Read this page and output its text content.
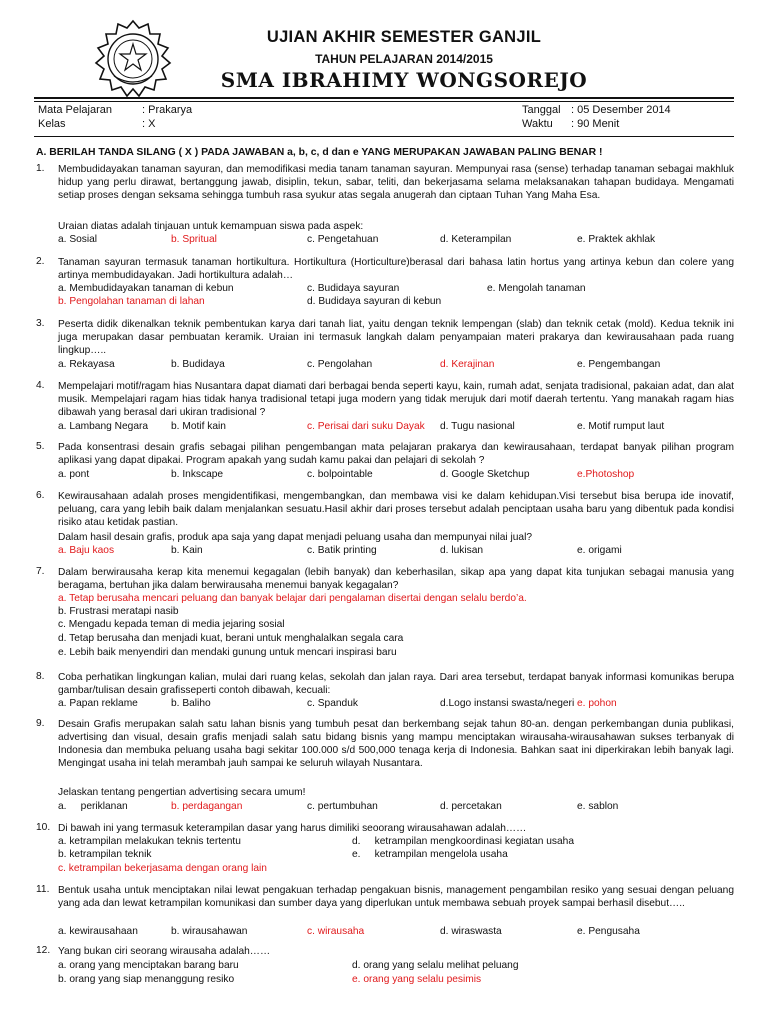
UJIAN AKHIR SEMESTER GANJIL
TAHUN PELAJARAN 2014/2015
SMA IBRAHIMY WONGSOREJO
Mata Pelajaran	: Prakarya
Kelas	: X
Tanggal : 05 Desember 2014
Waktu : 90 Menit
A. BERILAH TANDA SILANG ( X ) PADA JAWABAN a, b, c, d dan e YANG MERUPAKAN JAWABAN PALING BENAR !
1. Membudidayakan tanaman sayuran, dan memodifikasi media tanam tanaman sayuran. Mempunyai rasa (sense) terhadap tanaman sebagai makhluk hidup yang perlu dirawat, bertanggung jawab, disiplin, tekun, sabar, teliti, dan bekerjasama selama melaksanakan tahapan budidaya. Mengamati setiap proses dengan seksama sehingga tumbuh rasa syukur atas segala anugerah dan ciptaan Tuhan Yang Maha Esa.
Uraian diatas adalah tinjauan untuk kemampuan siswa pada aspek:
a. Sosial	b. Spritual	c. Pengetahuan	d. Keterampilan	e. Praktek akhlak
2. Tanaman sayuran termasuk tanaman hortikultura. Hortikultura (Horticulture)berasal dari bahasa latin hortus yang artinya kebun dan colere yang artinya membudidayakan. Jadi hortikultura adalah…
a. Membudidayakan tanaman di kebun	c. Budidaya sayuran	e. Mengolah tanaman
b. Pengolahan tanaman di lahan	d. Budidaya sayuran di kebun
3. Peserta didik dikenalkan teknik pembentukan karya dari tanah liat, yaitu dengan teknik lempengan (slab) dan teknik cetak (mold). Kedua teknik ini juga merupakan dasar pembuatan keramik. Uraian ini termasuk langkah dalam penyampaian materi prakarya dan kewirausahaan pada ruang lingkup…..
a. Rekayasa	b. Budidaya	c. Pengolahan	d. Kerajinan	e. Pengembangan
4. Mempelajari motif/ragam hias Nusantara dapat diamati dari berbagai benda seperti kayu, kain, rumah adat, senjata tradisional, pakaian adat, dan alat musik. Mempelajari ragam hias tidak hanya tradisional tetapi juga modern yang tidak merujuk dari motif daerah tertentu. Yang manakah ragam hias dibawah yang berasal dari ukiran tradisional ?
a. Lambang Negara b. Motif kain	c. Perisai dari suku Dayak d. Tugu nasional	e. Motif rumput laut
5. Pada konsentrasi desain grafis sebagai pilihan pengembangan mata pelajaran prakarya dan kewirausahaan, terdapat banyak pilihan program aplikasi yang dapat dipakai. Program apakah yang sudah kamu pakai dan pelajari di sekolah ?
a. pont	b. Inkscape	c. bolpointable	d. Google Sketchup	e.Photoshop
6. Kewirausahaan adalah proses mengidentifikasi, mengembangkan, dan membawa visi ke dalam kehidupan.Visi tersebut bisa berupa ide inovatif, peluang, cara yang lebih baik dalam menjalankan sesuatu.Hasil akhir dari proses tersebut adalah penciptaan usaha baru yang dibentuk pada kondisi risiko atau ketidak pastian.
Dalam hasil desain grafis, produk apa saja yang dapat menjadi peluang usaha dan mempunyai nilai jual?
a. Baju kaos	b. Kain	c. Batik printing	d. lukisan	e. origami
7. Dalam berwirausaha kerap kita menemui kegagalan (lebih banyak) dan keberhasilan, sikap apa yang dapat kita tunjukan sebagai manusia yang beragama, bertuhan jika dalam berwirausaha menemui banyak kegagalan?
a. Tetap berusaha mencari peluang dan banyak belajar dari pengalaman disertai dengan selalu berdo’a.
b. Frustrasi meratapi nasib
c. Mengadu kepada teman di media jejaring sosial
d. Tetap berusaha dan menjadi kuat, berani untuk menghalalkan segala cara
e. Lebih baik menyendiri dan mendaki gunung untuk mencari inspirasi baru
8. Coba perhatikan lingkungan kalian, mulai dari ruang kelas, sekolah dan jalan raya. Dari area tersebut, terdapat banyak informasi komunikas berupa gambar/tulisan desain grafisseperti contoh dibawah, kecuali:
a. Papan reklame	b. Baliho	c. Spanduk	d.Logo instansi swasta/negeri e. pohon
9. Desain Grafis merupakan salah satu lahan bisnis yang tumbuh pesat dan berkembang sejak tahun 80-an. dengan perkembangan dunia publikasi, advertising dan visual, desain grafis menjadi salah satu bidang bisnis yang mampu menciptakan wirausaha-wirausahawan sukses terbanyak di Indonesia dan membuka peluang usaha bagi sekitar 100.000 s/d 500,000 tenaga kerja di Indonesia. Bahkan saat ini diperkirakan lebih banyak lagi. Mengingat usaha ini telah merambah jauh sampai ke seluruh wilayah Nusantara.
Jelaskan tentang pengertian advertising secara umum!
a.     periklanan	b. perdagangan	c. pertumbuhan	d. percetakan	e. sablon
10. Di bawah ini yang termasuk keterampilan dasar yang harus dimiliki seoorang wirausahawan adalah……
a. ketrampilan melakukan teknis tertentu	d.     ketrampilan mengkoordinasi kegiatan usaha
b. ketrampilan teknik	e.     ketrampilan mengelola usaha
c. ketrampilan bekerjasama dengan orang lain
11. Bentuk usaha untuk menciptakan nilai lewat pengakuan terhadap pengakuan bisnis, management pengambilan resiko yang sesuai dengan peluang yang ada dan lewat ketrampilan komunikasi dan sumber daya yang diperlukan untuk membawa sebuah proyek sampai berhasil disebut…..
a. kewirausahaan	b. wirausahawan	c. wirausaha	d. wiraswasta	e. Pengusaha
12. Yang bukan ciri seorang wirausaha adalah……
a. orang yang menciptakan barang baru	d. orang yang selalu melihat peluang
b. orang yang siap menanggung resiko	e. orang yang selalu pesimis
